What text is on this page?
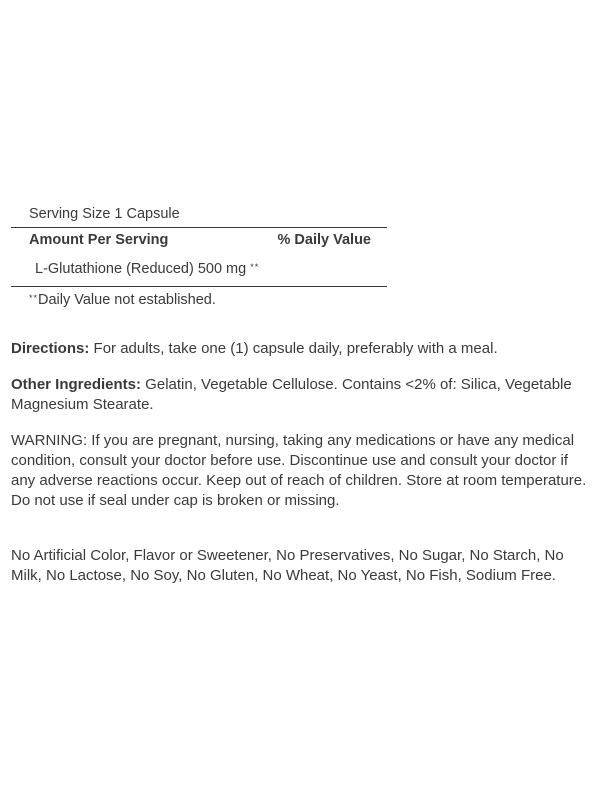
Serving Size 1 Capsule
Amount Per Serving	% Daily Value
L-Glutathione (Reduced) 500 mg **
**Daily Value not established.

Directions: For adults, take one (1) capsule daily, preferably with a meal.

Other Ingredients: Gelatin, Vegetable Cellulose. Contains <2% of: Silica, Vegetable Magnesium Stearate.

WARNING: If you are pregnant, nursing, taking any medications or have any medical condition, consult your doctor before use. Discontinue use and consult your doctor if any adverse reactions occur. Keep out of reach of children. Store at room temperature. Do not use if seal under cap is broken or missing.

No Artificial Color, Flavor or Sweetener, No Preservatives, No Sugar, No Starch, No Milk, No Lactose, No Soy, No Gluten, No Wheat, No Yeast, No Fish, Sodium Free.
